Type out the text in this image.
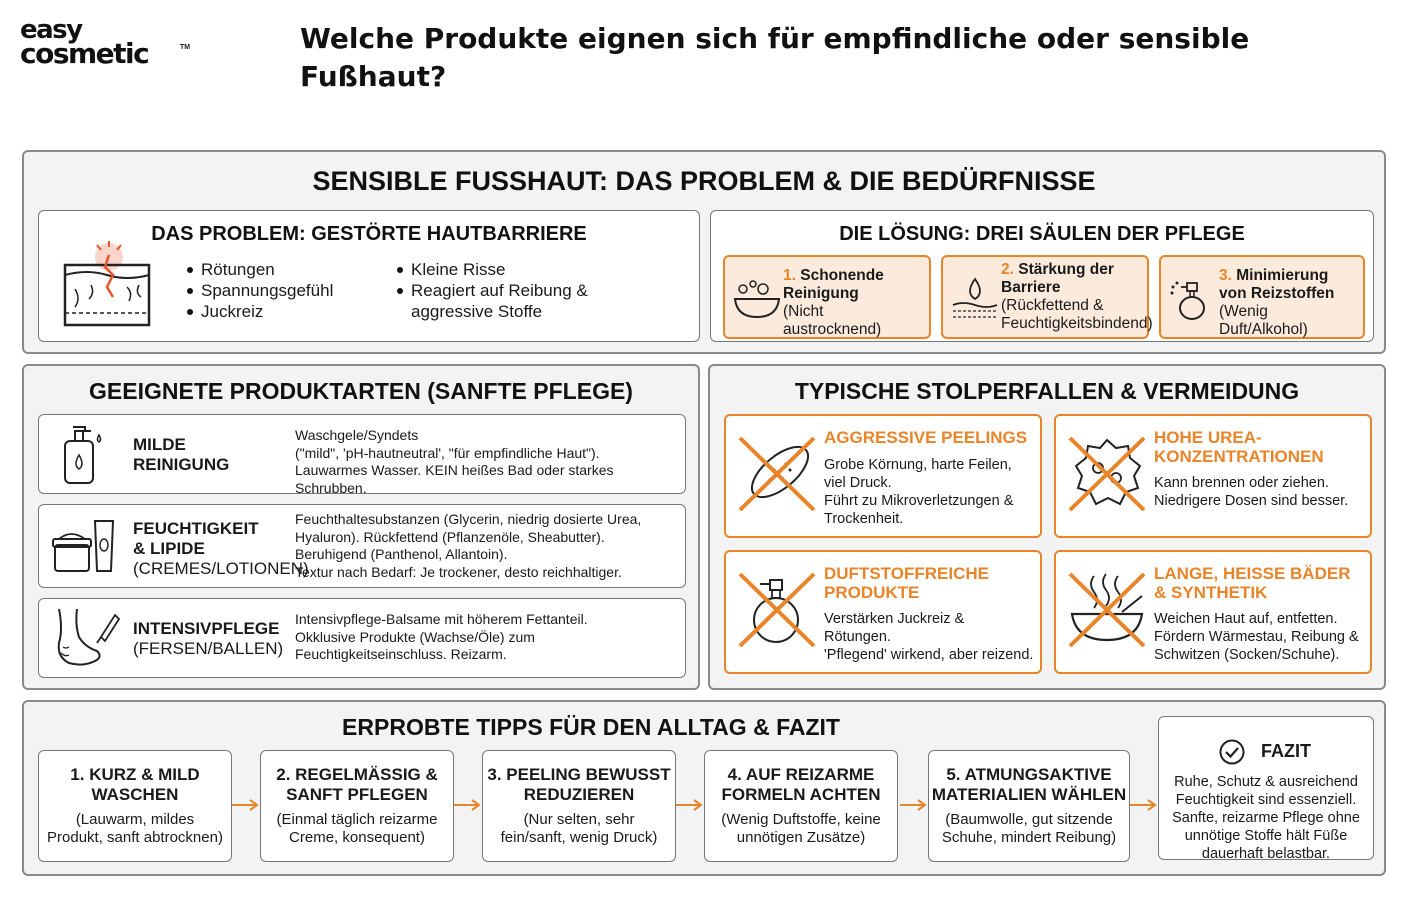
easy
cosmetic	TM	Welche Produkte eignen sich für empfindliche oder sensible Fußhaut?
SENSIBLE FUSSHAUT: DAS PROBLEM & DIE BEDÜRFNISSE
DAS PROBLEM: GESTÖRTE HAUTBARRIERE
Rötungen
Spannungsgefühl
Juckreiz
Kleine Risse
Reagiert auf Reibung & aggressive Stoffe
DIE LÖSUNG: DREI SÄULEN DER PFLEGE
1. Schonende Reinigung
(Nicht austrocknend)
2. Stärkung der Barriere
(Rückfettend & Feuchtigkeitsbindend)
3. Minimierung von Reizstoffen
(Wenig Duft/Alkohol)
GEEIGNETE PRODUKTARTEN (SANFTE PFLEGE)
MILDE
REINIGUNG
Waschgele/Syndets
("mild", 'pH-hautneutral', "für empfindliche Haut").
Lauwarmes Wasser. KEIN heißes Bad oder starkes Schrubben.
FEUCHTIGKEIT
& LIPIDE
(CREMES/LOTIONEN)
Feuchthaltesubstanzen (Glycerin, niedrig dosierte Urea,
Hyaluron). Rückfettend (Pflanzenöle, Sheabutter).
Beruhigend (Panthenol, Allantoin).
Textur nach Bedarf: Je trockener, desto reichhaltiger.
INTENSIVPFLEGE
(FERSEN/BALLEN)
Intensivpflege-Balsame mit höherem Fettanteil.
Okklusive Produkte (Wachse/Öle) zum
Feuchtigkeitseinschluss. Reizarm.
TYPISCHE STOLPERFALLEN & VERMEIDUNG
AGGRESSIVE PEELINGS
Grobe Körnung, harte Feilen,
viel Druck.
Führt zu Mikroverletzungen &
Trockenheit.
HOHE UREA-
KONZENTRATIONEN
Kann brennen oder ziehen.
Niedrigere Dosen sind besser.
DUFTSTOFFREICHE
PRODUKTE
Verstärken Juckreiz & Rötungen.
'Pflegend' wirkend, aber reizend.
LANGE, HEISSE BÄDER
& SYNTHETIK
Weichen Haut auf, entfetten.
Fördern Wärmestau, Reibung &
Schwitzen (Socken/Schuhe).
ERPROBTE TIPPS FÜR DEN ALLTAG & FAZIT
1. KURZ & MILD
WASCHEN
(Lauwarm, mildes
Produkt, sanft abtrocknen)
2. REGELMÄSSIG &
SANFT PFLEGEN
(Einmal täglich reizarme
Creme, konsequent)
3. PEELING BEWUSST
REDUZIEREN
(Nur selten, sehr
fein/sanft, wenig Druck)
4. AUF REIZARME
FORMELN ACHTEN
(Wenig Duftstoffe, keine
unnötigen Zusätze)
5. ATMUNGSAKTIVE
MATERIALIEN WÄHLEN
(Baumwolle, gut sitzende
Schuhe, mindert Reibung)
FAZIT
Ruhe, Schutz & ausreichend
Feuchtigkeit sind essenziell.
Sanfte, reizarme Pflege ohne
unnötige Stoffe hält Füße
dauerhaft belastbar.
